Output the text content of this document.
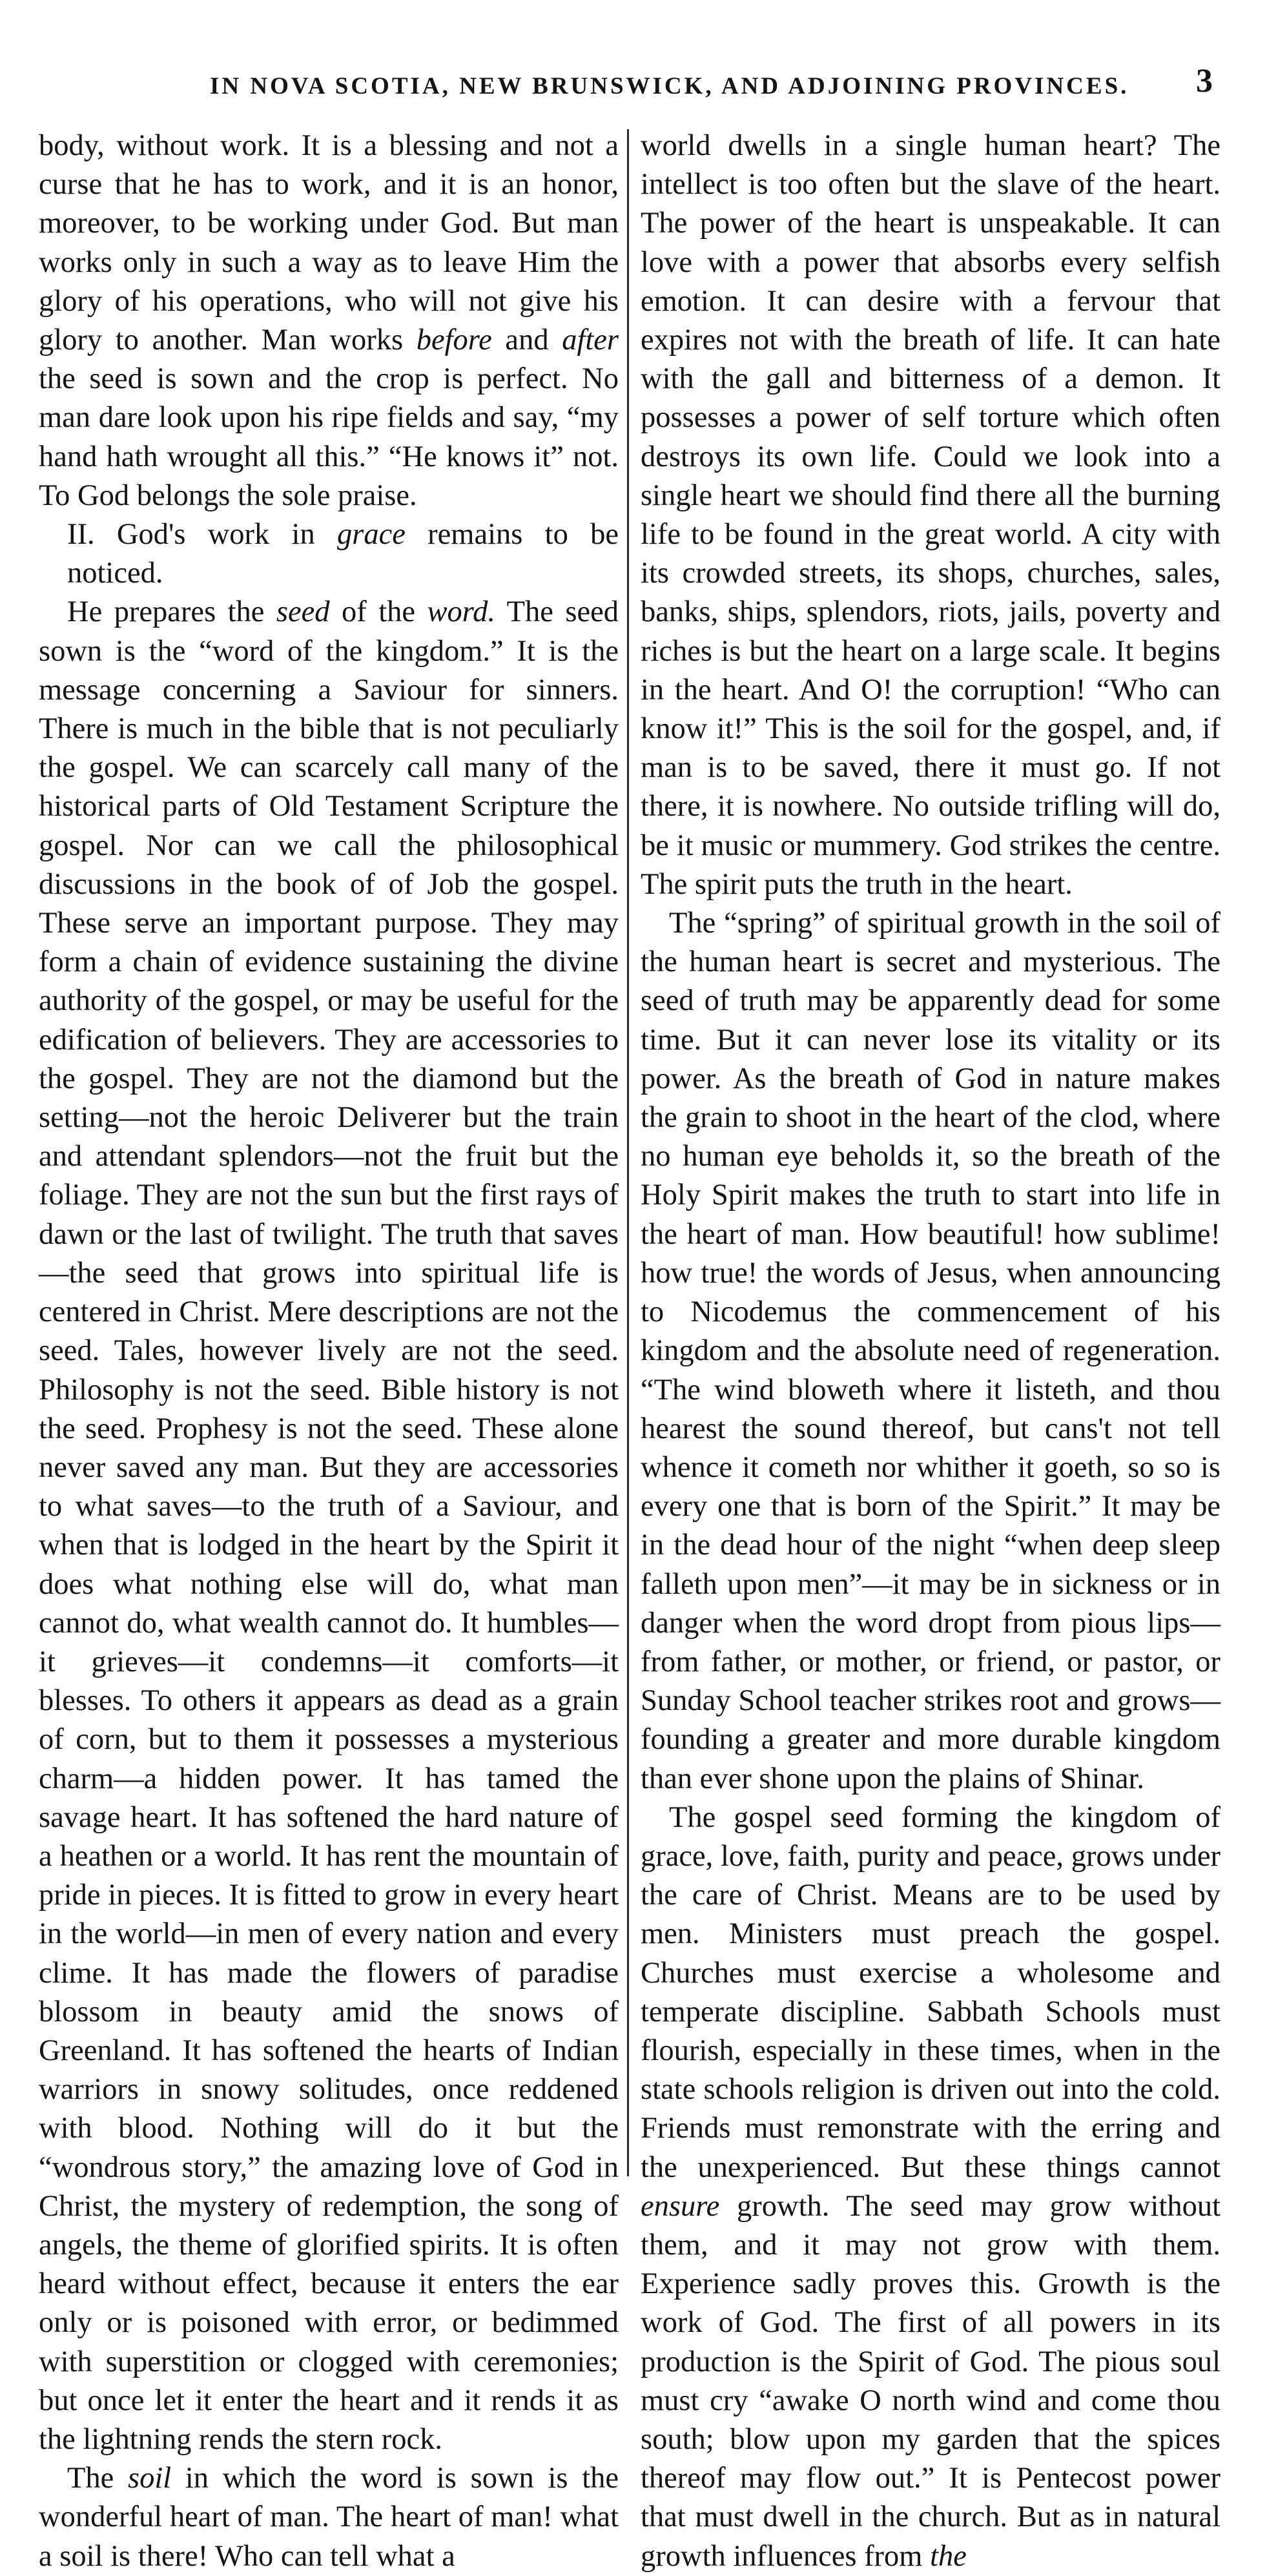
IN NOVA SCOTIA, NEW BRUNSWICK, AND ADJOINING PROVINCES. 3

body, without work. It is a blessing and not a curse that he has to work, and it is an honor, moreover, to be working under God. But man works only in such a way as to leave Him the glory of his operations, who will not give his glory to another. Man works before and after the seed is sown and the crop is perfect. No man dare look upon his ripe fields and say, “my hand hath wrought all this.” “He knows it” not. To God belongs the sole praise.

II. God's work in grace remains to be noticed.

He prepares the seed of the word. The seed sown is the “word of the kingdom.” It is the message concerning a Saviour for sinners. There is much in the bible that is not peculiarly the gospel. We can scarcely call many of the historical parts of Old Testament Scripture the gospel. Nor can we call the philosophical discussions in the book of of Job the gospel. These serve an important purpose. They may form a chain of evidence sustaining the divine authority of the gospel, or may be useful for the edification of believers. They are accessories to the gospel. They are not the diamond but the setting—not the heroic Deliverer but the train and attendant splendors—not the fruit but the foliage. They are not the sun but the first rays of dawn or the last of twilight. The truth that saves—the seed that grows into spiritual life is centered in Christ. Mere descriptions are not the seed. Tales, however lively are not the seed. Philosophy is not the seed. Bible history is not the seed. Prophesy is not the seed. These alone never saved any man. But they are accessories to what saves—to the truth of a Saviour, and when that is lodged in the heart by the Spirit it does what nothing else will do, what man cannot do, what wealth cannot do. It humbles—it grieves—it condemns—it comforts—it blesses. To others it appears as dead as a grain of corn, but to them it possesses a mysterious charm—a hidden power. It has tamed the savage heart. It has softened the hard nature of a heathen or a world. It has rent the mountain of pride in pieces. It is fitted to grow in every heart in the world—in men of every nation and every clime. It has made the flowers of paradise blossom in beauty amid the snows of Greenland. It has softened the hearts of Indian warriors in snowy solitudes, once reddened with blood. Nothing will do it but the “wondrous story,” the amazing love of God in Christ, the mystery of redemption, the song of angels, the theme of glorified spirits. It is often heard without effect, because it enters the ear only or is poisoned with error, or bedimmed with superstition or clogged with ceremonies; but once let it enter the heart and it rends it as the lightning rends the stern rock.

The soil in which the word is sown is the wonderful heart of man. The heart of man! what a soil is there! Who can tell what a

world dwells in a single human heart? The intellect is too often but the slave of the heart. The power of the heart is unspeakable. It can love with a power that absorbs every selfish emotion. It can desire with a fervour that expires not with the breath of life. It can hate with the gall and bitterness of a demon. It possesses a power of self torture which often destroys its own life. Could we look into a single heart we should find there all the burning life to be found in the great world. A city with its crowded streets, its shops, churches, sales, banks, ships, splendors, riots, jails, poverty and riches is but the heart on a large scale. It begins in the heart. And O! the corruption! “Who can know it!” This is the soil for the gospel, and, if man is to be saved, there it must go. If not there, it is nowhere. No outside trifling will do, be it music or mummery. God strikes the centre. The spirit puts the truth in the heart.

The “spring” of spiritual growth in the soil of the human heart is secret and mysterious. The seed of truth may be apparently dead for some time. But it can never lose its vitality or its power. As the breath of God in nature makes the grain to shoot in the heart of the clod, where no human eye beholds it, so the breath of the Holy Spirit makes the truth to start into life in the heart of man. How beautiful! how sublime! how true! the words of Jesus, when announcing to Nicodemus the commencement of his kingdom and the absolute need of regeneration. “The wind bloweth where it listeth, and thou hearest the sound thereof, but cans't not tell whence it cometh nor whither it goeth, so so is every one that is born of the Spirit.” It may be in the dead hour of the night “when deep sleep falleth upon men”—it may be in sickness or in danger when the word dropt from pious lips—from father, or mother, or friend, or pastor, or Sunday School teacher strikes root and grows—founding a greater and more durable kingdom than ever shone upon the plains of Shinar.

The gospel seed forming the kingdom of grace, love, faith, purity and peace, grows under the care of Christ. Means are to be used by men. Ministers must preach the gospel. Churches must exercise a wholesome and temperate discipline. Sabbath Schools must flourish, especially in these times, when in the state schools religion is driven out into the cold. Friends must remonstrate with the erring and the unexperienced. But these things cannot ensure growth. The seed may grow without them, and it may not grow with them. Experience sadly proves this. Growth is the work of God. The first of all powers in its production is the Spirit of God. The pious soul must cry “awake O north wind and come thou south; blow upon my garden that the spices thereof may flow out.” It is Pentecost power that must dwell in the church. But as in natural growth influences from the
